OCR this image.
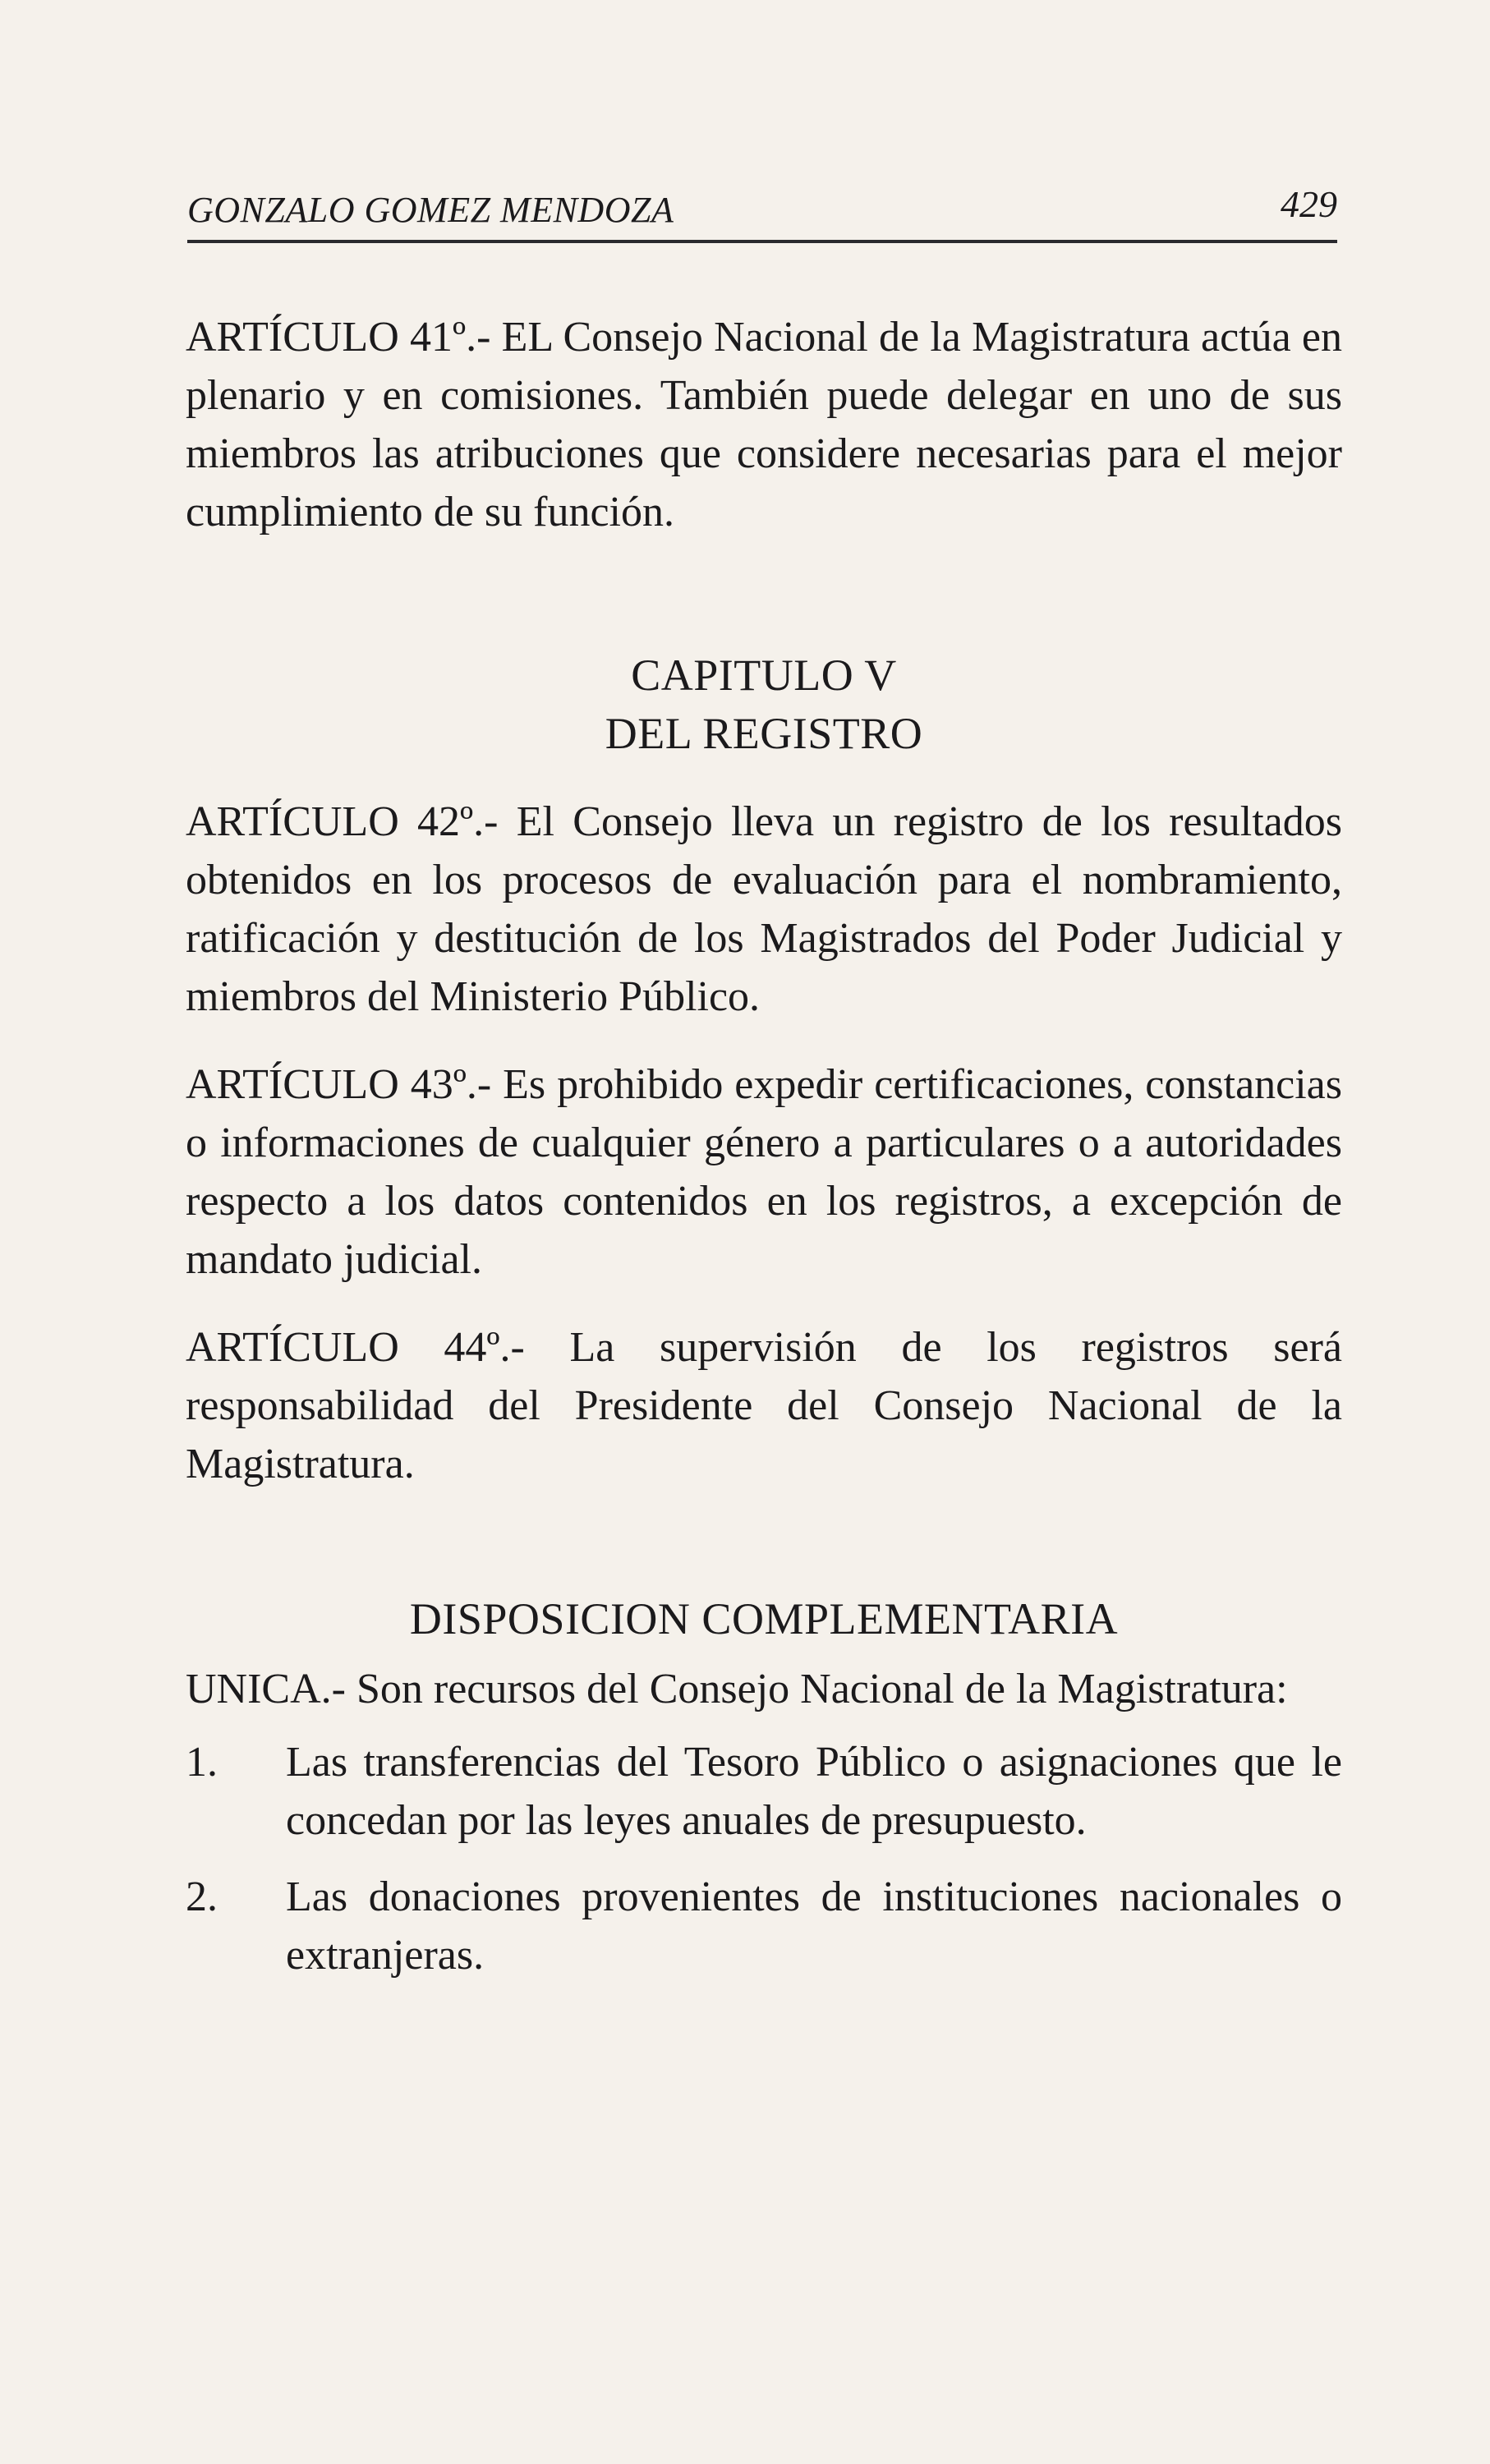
GONZALO GOMEZ MENDOZA	429

ARTÍCULO 41º.- EL Consejo Nacional de la Magistratura actúa en plenario y en comisiones. También puede delegar en uno de sus miembros las atribuciones que considere necesarias para el mejor cumplimiento de su función.

CAPITULO V

DEL REGISTRO

ARTÍCULO 42º.- El Consejo lleva un registro de los resultados obtenidos en los procesos de evaluación para el nombramiento, ratificación y destitución de los Magistrados del Poder Judicial y miembros del Ministerio Público.

ARTÍCULO 43º.- Es prohibido expedir certificaciones, constancias o informaciones de cualquier género a particulares o a autoridades respecto a los datos contenidos en los registros, a excepción de mandato judicial.

ARTÍCULO 44º.- La supervisión de los registros será responsabilidad del Presidente del Consejo Nacional de la Magistratura.

DISPOSICION COMPLEMENTARIA

UNICA.- Son recursos del Consejo Nacional de la Magistratura:

1.	Las transferencias del Tesoro Público o asignaciones que le concedan por las leyes anuales de presupuesto.
2.	Las donaciones provenientes de instituciones nacionales o extranjeras.
